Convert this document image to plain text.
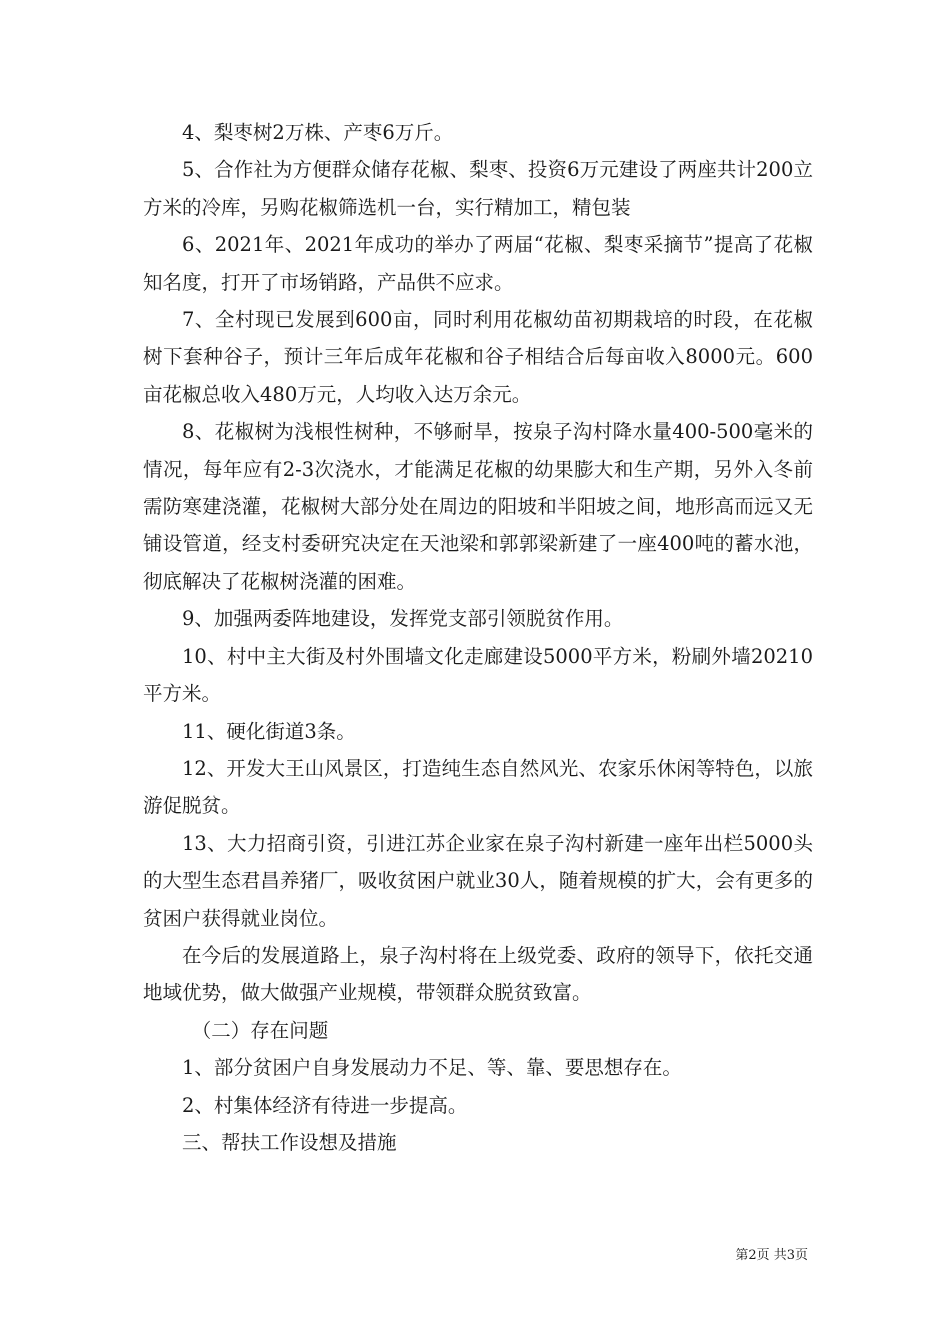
4、梨枣树2万株、产枣6万斤。

5、合作社为方便群众储存花椒、梨枣、投资6万元建设了两座共计200立方米的冷库，另购花椒筛选机一台，实行精加工，精包装

6、2021年、2021年成功的举办了两届“花椒、梨枣采摘节”提高了花椒知名度，打开了市场销路，产品供不应求。

7、全村现已发展到600亩，同时利用花椒幼苗初期栽培的时段，在花椒树下套种谷子，预计三年后成年花椒和谷子相结合后每亩收入8000元。600亩花椒总收入480万元，人均收入达万余元。

8、花椒树为浅根性树种，不够耐旱，按泉子沟村降水量400-500毫米的情况，每年应有2-3次浇水，才能满足花椒的幼果膨大和生产期，另外入冬前需防寒建浇灌，花椒树大部分处在周边的阳坡和半阳坡之间，地形高而远又无铺设管道，经支村委研究决定在天池梁和郭郭梁新建了一座400吨的蓄水池，彻底解决了花椒树浇灌的困难。

9、加强两委阵地建设，发挥党支部引领脱贫作用。

10、村中主大街及村外围墙文化走廊建设5000平方米，粉刷外墙20210平方米。

11、硬化街道3条。

12、开发大王山风景区，打造纯生态自然风光、农家乐休闲等特色，以旅游促脱贫。

13、大力招商引资，引进江苏企业家在泉子沟村新建一座年出栏5000头的大型生态君昌养猪厂，吸收贫困户就业30人，随着规模的扩大，会有更多的贫困户获得就业岗位。

在今后的发展道路上，泉子沟村将在上级党委、政府的领导下，依托交通地域优势，做大做强产业规模，带领群众脱贫致富。

（二）存在问题

1、部分贫困户自身发展动力不足、等、靠、要思想存在。

2、村集体经济有待进一步提高。

三、帮扶工作设想及措施

第2页 共3页
